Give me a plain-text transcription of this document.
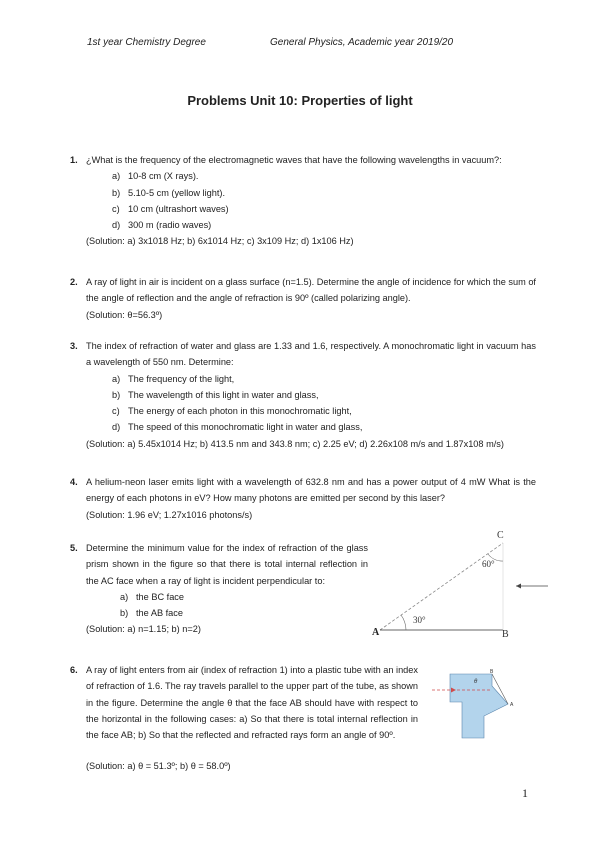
1st year Chemistry Degree	General Physics, Academic year 2019/20
Problems Unit 10: Properties of light
1. ¿What is the frequency of the electromagnetic waves that have the following wavelengths in vacuum?:

a) 10-8 cm (X rays).
b) 5.10-5 cm (yellow light).
c) 10 cm (ultrashort waves)
d) 300 m (radio waves)

(Solution: a) 3x1018 Hz; b) 6x1014 Hz; c) 3x109 Hz; d) 1x106 Hz)

2. A ray of light in air is incident on a glass surface (n=1.5). Determine the angle of incidence for which the sum of the angle of reflection and the angle of refraction is 90º (called polarizing angle).

(Solution: θ=56.3º)

3. The index of refraction of water and glass are 1.33 and 1.6, respectively. A monochromatic light in vacuum has a wavelength of 550 nm. Determine:

a) The frequency of the light,
b) The wavelength of this light in water and glass,
c) The energy of each photon in this monochromatic light,
d) The speed of this monochromatic light in water and glass,

(Solution: a) 5.45x1014 Hz; b) 413.5 nm and 343.8 nm; c) 2.25 eV; d) 2.26x108 m/s and 1.87x108 m/s)

4. A helium-neon laser emits light with a wavelength of 632.8 nm and has a power output of 4 mW What is the energy of each photons in eV? How many photons are emitted per second by this laser?

(Solution: 1.96 eV; 1.27x1016 photons/s)

5. Determine the minimum value for the index of refraction of the glass prism shown in the figure so that there is total internal reflection in the AC face when a ray of light is incident perpendicular to:

a) the BC face
b) the AB face

(Solution: a) n=1.15; b) n=2)

C
A	B
60°
30°
6. A ray of light enters from air (index of refraction 1) into a plastic tube with an index of refraction of 1.6. The ray travels parallel to the upper part of the tube, as shown in the figure. Determine the angle θ that the face AB should have with respect to the horizontal in the following cases: a) So that there is total internal reflection in the face AB; b) So that the reflected and refracted rays form an angle of 90º.

(Solution: a) θ = 51.3º; b) θ = 58.0º)

θ
B
A
1
